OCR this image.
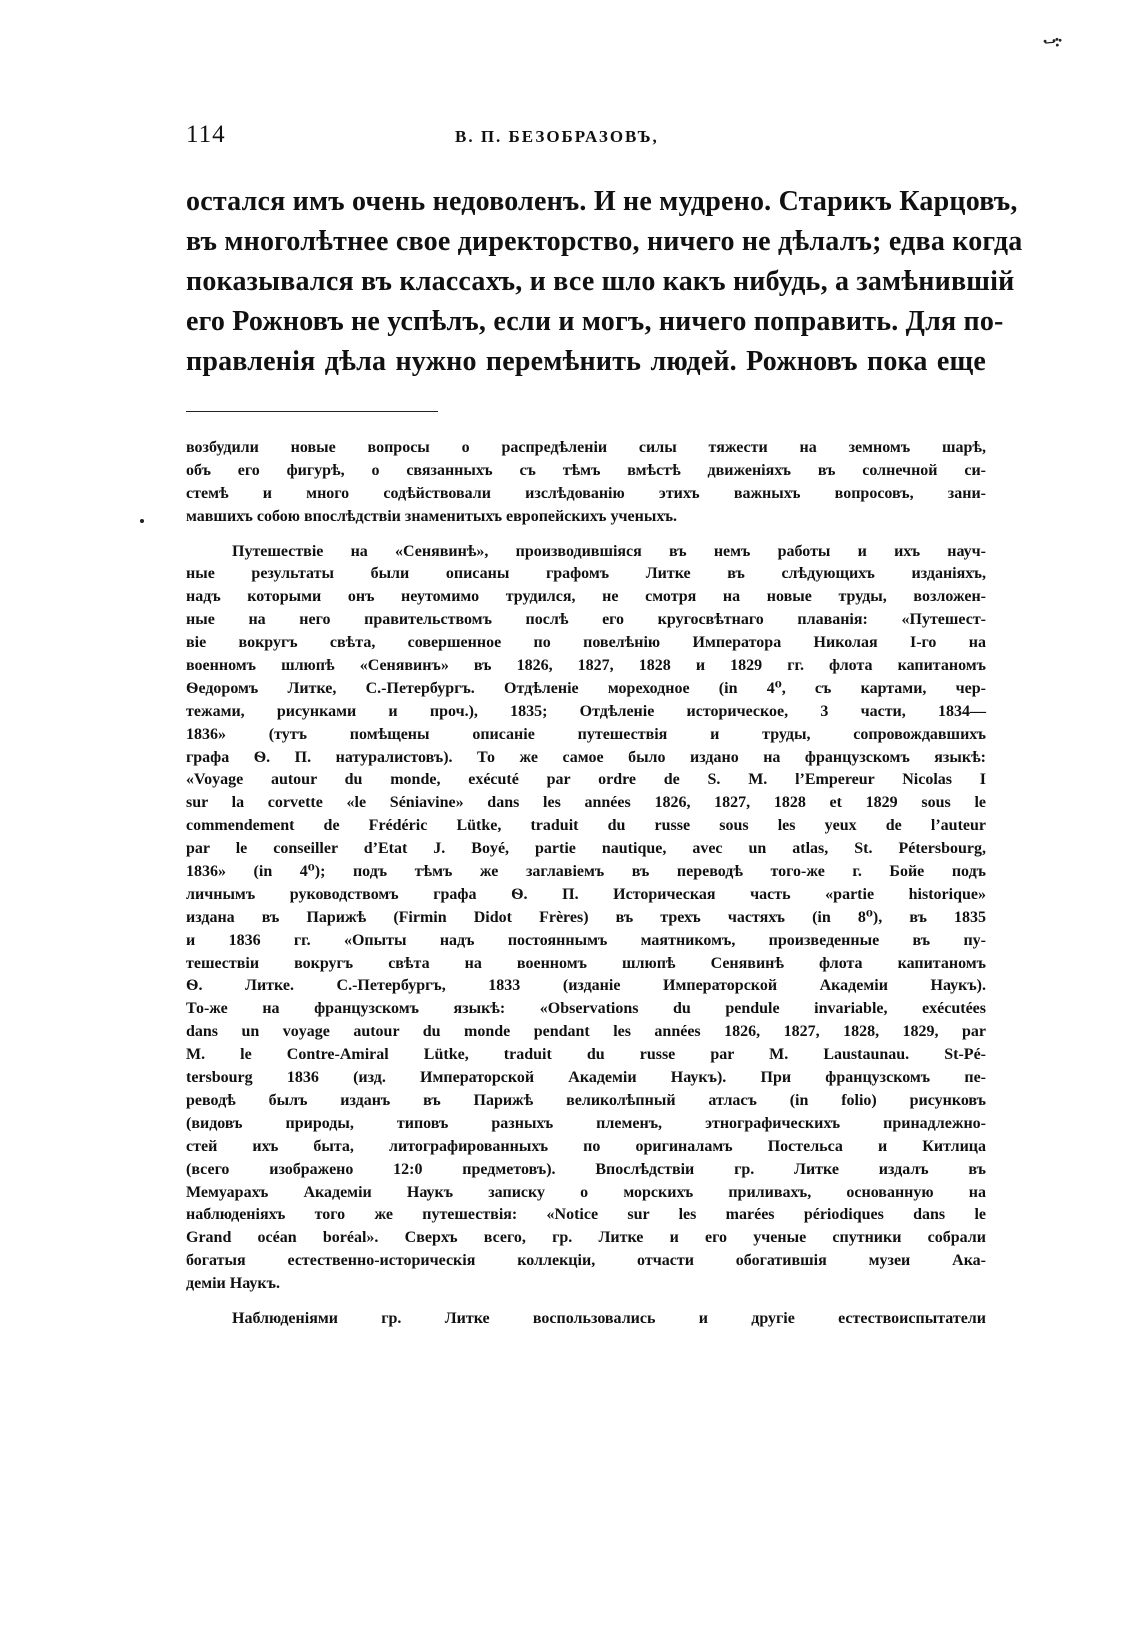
·–·:·
114	В. П. БЕЗОБРАЗОВЪ,
остался имъ очень недоволенъ. И не мудрено. Старикъ Карцовъ,
въ многолѣтнее свое директорство, ничего не дѣлалъ; едва когда
показывался въ классахъ, и все шло какъ нибудь, а замѣнившій
его Рожновъ не успѣлъ, если и могъ, ничего поправить. Для по-
правленія дѣла нужно перемѣнить людей. Рожновъ пока еще
возбудили новые вопросы о распредѣленіи силы тяжести на земномъ шарѣ,
объ его фигурѣ, о связанныхъ съ тѣмъ вмѣстѣ движеніяхъ въ солнечной си-
стемѣ и много содѣйствовали изслѣдованію этихъ важныхъ вопросовъ, зани-
мавшихъ собою впослѣдствіи знаменитыхъ европейскихъ ученыхъ.
Путешествіе на «Сенявинѣ», производившіяся въ немъ работы и ихъ науч-
ные результаты были описаны графомъ Литке въ слѣдующихъ изданіяхъ,
надъ которыми онъ неутомимо трудился, не смотря на новые труды, возложен-
ные на него правительствомъ послѣ его кругосвѣтнаго плаванія: «Путешест-
віе вокругъ свѣта, совершенное по повелѣнію Императора Николая I-го на
военномъ шлюпѣ «Сенявинъ» въ 1826, 1827, 1828 и 1829 гг. флота капитаномъ
Ѳедоромъ Литке, С.-Петербургъ. Отдѣленіе мореходное (in 4⁰, съ картами, чер-
тежами, рисунками и проч.), 1835; Отдѣленіе историческое, 3 части, 1834—
1836» (тутъ помѣщены описаніе путешествія и труды, сопровождавшихъ
графа Ѳ. П. натуралистовъ). То же самое было издано на французскомъ языкѣ:
«Voyage autour du monde, exécuté par ordre de S. M. l’Empereur Nicolas I
sur la corvette «le Séniavine» dans les années 1826, 1827, 1828 et 1829 sous le
commendement de Frédéric Lütke, traduit du russe sous les yeux de l’auteur
par le conseiller d’Etat J. Boyé, partie nautique, avec un atlas, St. Pétersbourg,
1836» (in 4⁰); подъ тѣмъ же заглавіемъ въ переводѣ того-же г. Бойе подъ
личнымъ руководствомъ графа Ѳ. П. Историческая часть «partie historique»
издана въ Парижѣ (Firmin Didot Frères) въ трехъ частяхъ (in 8⁰), въ 1835
и 1836 гг. «Опыты надъ постояннымъ маятникомъ, произведенные въ пу-
тешествіи вокругъ свѣта на военномъ шлюпѣ Сенявинѣ флота капитаномъ
Ѳ. Литке. С.-Петербургъ, 1833 (изданіе Императорской Академіи Наукъ).
То-же на французскомъ языкѣ: «Observations du pendule invariable, exécutées
dans un voyage autour du monde pendant les années 1826, 1827, 1828, 1829, par
M. le Contre-Amiral Lütke, traduit du russe par M. Laustaunau. St-Pé-
tersbourg 1836 (изд. Императорской Академіи Наукъ). При французскомъ пе-
реводѣ былъ изданъ въ Парижѣ великолѣпный атласъ (in folio) рисунковъ
(видовъ природы, типовъ разныхъ племенъ, этнографическихъ принадлежно-
стей ихъ быта, литографированныхъ по оригиналамъ Постельса и Китлица
(всего изображено 12:0 предметовъ). Впослѣдствіи гр. Литке издалъ въ
Мемуарахъ Академіи Наукъ записку о морскихъ приливахъ, основанную на
наблюденіяхъ того же путешествія: «Notice sur les marées périodiques dans le
Grand océan boréal». Сверхъ всего, гр. Литке и его ученые спутники собрали
богатыя естественно-историческія коллекціи, отчасти обогатившія музеи Ака-
деміи Наукъ.
Наблюденіями гр. Литке воспользовались и другіе естествоиспытатели
